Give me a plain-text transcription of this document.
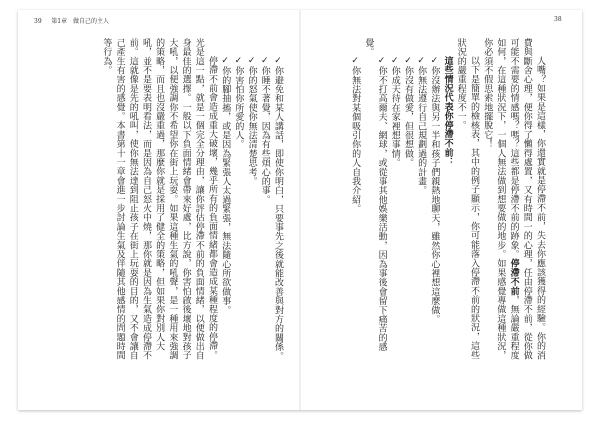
39 第1章　做自己的主人	38

人嘴？如果是這樣，你還實就是停滯不前，失去你應該獲得的經驗。你的消費與斷舍心理，便你得了懶得處置，又有時間一的心理，任由停滯不前，從你做可能不需要的情感嗎？嗎？這些都是停滯不前的跡象。停滯不前，無論嚴重程度如何，在這種狀況下，一個人無法做到想要做的地步。如果感覺專做這種狀況，你必須不假思索地擺脫它！

以下是簡單的檢核表，其中的例子顯示，你可能落入停滯不前的狀況，這些狀況的嚴重程度不一。

這些情況代表你停滯不前：

✓你沒辦法與另一半和孩子們親熱地聊天，雖然你心裡想這麼做。

✓你無法遵行自己規劃過的計畫。

✓你沒有做愛，但很想做。

✓你成天待在家裡想事情。

✓你不打高爾夫、網球，或從事其他娛樂活動，因為事後會留下痛苦的感覺。

✓你無法對某個吸引你的人自我介紹。

✓你避免和某人講話，即使你明白，只要事先之後就能改善與對方的關係。

✓你睡不著覺，因為有些煩心的事。

✓你的怒氣使你無法清楚思考。

✓你害怕你所愛的人。

✓你的腳抽搐，或是因為緊張人太過緊張，無法隨心所欲做事。

停滯不前會造成重大破壞，幾乎所有的負面情緒都會造成某種程度的停滯。光是這一點，就是一個完全分理由，讓你評估停滯不前的負面情緒，以便做出自身最佳的選擇。一般以下負面情緒會帶來好處，比方說，你害怕啟後壞地對孩子大吼，以便強調你不希望你在街上玩耍。如果這種生氣的吼聲，是一種用來強調的策略，而且也沒嚴重過，那麼你就是採用了健全的策略，但如果你對別人大吼，並不是要表明看法，而是因為自己怒火中燒，那你就是因為生氣造成停滯不前。這就像是先的吼叫，使你無法達到阻止孩子在街上玩耍的目的，又不會讓自己產生有害的感覺。本書第十一章會進一步討論生氣及伴隨其他感情的問題時間等行為。
